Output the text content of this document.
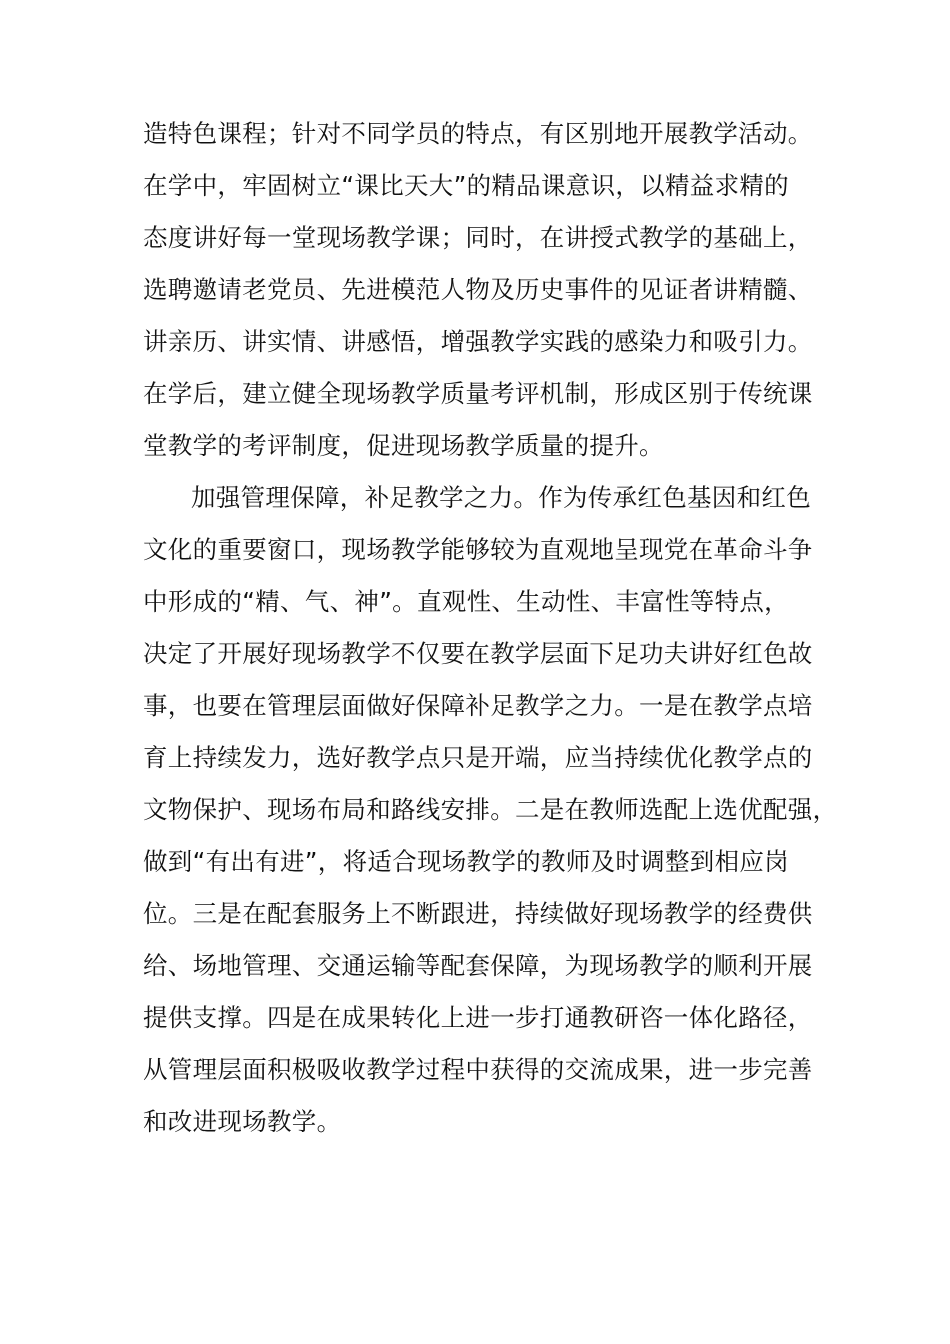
造特色课程；针对不同学员的特点，有区别地开展教学活动。
在学中，牢固树立“课比天大”的精品课意识，以精益求精的
态度讲好每一堂现场教学课；同时，在讲授式教学的基础上，
选聘邀请老党员、先进模范人物及历史事件的见证者讲精髓、
讲亲历、讲实情、讲感悟，增强教学实践的感染力和吸引力。
在学后，建立健全现场教学质量考评机制，形成区别于传统课
堂教学的考评制度，促进现场教学质量的提升。
加强管理保障，补足教学之力。作为传承红色基因和红色
文化的重要窗口，现场教学能够较为直观地呈现党在革命斗争
中形成的“精、气、神”。直观性、生动性、丰富性等特点，
决定了开展好现场教学不仅要在教学层面下足功夫讲好红色故
事，也要在管理层面做好保障补足教学之力。一是在教学点培
育上持续发力，选好教学点只是开端，应当持续优化教学点的
文物保护、现场布局和路线安排。二是在教师选配上选优配强，
做到“有出有进”，将适合现场教学的教师及时调整到相应岗
位。三是在配套服务上不断跟进，持续做好现场教学的经费供
给、场地管理、交通运输等配套保障，为现场教学的顺利开展
提供支撑。四是在成果转化上进一步打通教研咨一体化路径，
从管理层面积极吸收教学过程中获得的交流成果，进一步完善
和改进现场教学。
